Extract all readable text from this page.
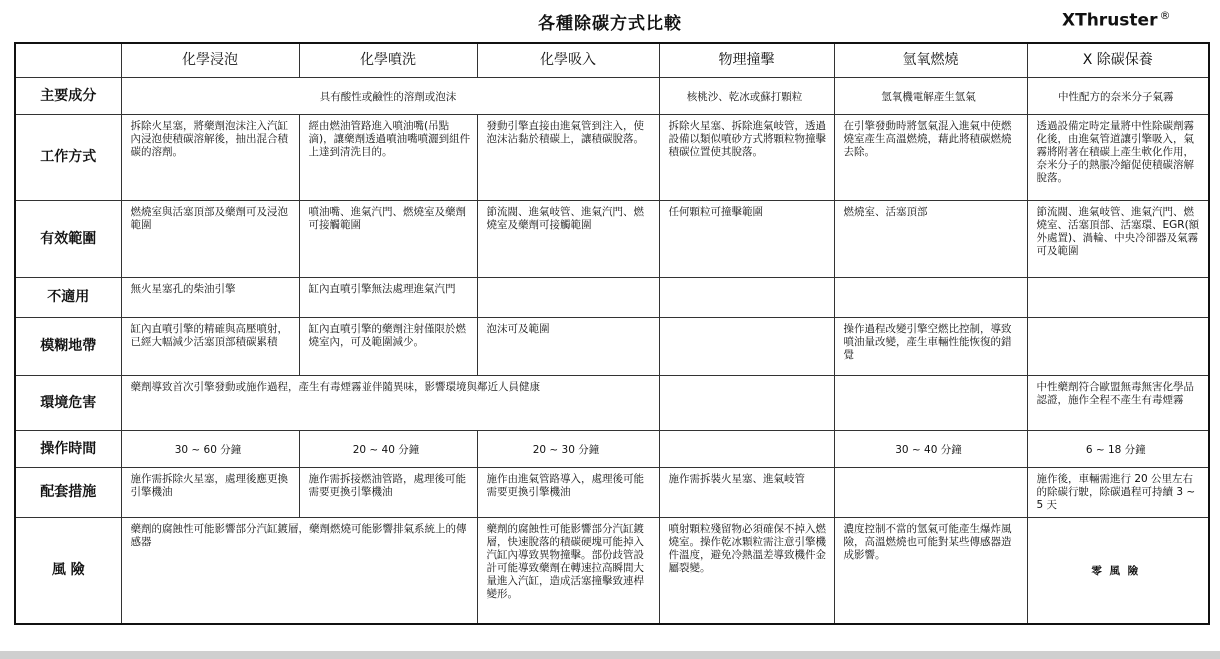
各種除碳方式比較	XThruster ®
	化學浸泡	化學噴洗	化學吸入	物理撞擊	氫氧燃燒	X 除碳保養
主要成分	具有酸性或鹼性的溶劑或泡沫			核桃沙、乾冰或蘇打顆粒	氫氧機電解產生氫氣	中性配方的奈米分子氣霧
工作方式	拆除火星塞，將藥劑泡沫注入汽缸內浸泡使積碳溶解後，抽出混合積碳的溶劑。	經由燃油管路進入噴油嘴(吊點滴)，讓藥劑透過噴油嘴噴灑到組件上達到清洗目的。	發動引擎直接由進氣管到注入，使泡沫沾黏於積碳上，讓積碳脫落。	拆除火星塞、拆除進氣岐管，透過設備以類似噴砂方式將顆粒物撞擊積碳位置使其脫落。	在引擎發動時將氫氣混入進氣中使燃燒室產生高溫燃燒，藉此將積碳燃燒去除。	透過設備定時定量將中性除碳劑霧化後，由進氣管道讓引擎吸入，氣霧將附著在積碳上產生軟化作用，奈米分子的熱脹冷縮促使積碳溶解脫落。
有效範圍	燃燒室與活塞頂部及藥劑可及浸泡範圍	噴油嘴、進氣汽門、燃燒室及藥劑可接觸範圍	節流閥、進氣岐管、進氣汽門、燃燒室及藥劑可接觸範圍	任何顆粒可撞擊範圍	燃燒室、活塞頂部	節流閥、進氣岐管、進氣汽門、燃燒室、活塞頂部、活塞環、EGR(額外處置)、渦輪、中央冷卻器及氣霧可及範圍
不適用	無火星塞孔的柴油引擎	缸內直噴引擎無法處理進氣汽門				
模糊地帶	缸內直噴引擎的精確與高壓噴射，已經大幅減少活塞頂部積碳累積	缸內直噴引擎的藥劑注射僅限於燃燒室內，可及範圍減少。	泡沫可及範圍		操作過程改變引擎空燃比控制，導致噴油量改變，產生車輛性能恢復的錯覺	
環境危害	藥劑導致首次引擎發動或施作過程，產生有毒煙霧並伴隨異味，影響環境與鄰近人員健康					中性藥劑符合歐盟無毒無害化學品認證，施作全程不產生有毒煙霧
操作時間	30 ~ 60 分鐘	20 ~ 40 分鐘	20 ~ 30 分鐘		30 ~ 40 分鐘	6 ~ 18 分鐘
配套措施	施作需拆除火星塞，處理後應更換引擎機油	施作需拆接燃油管路，處理後可能需要更換引擎機油	施作由進氣管路導入，處理後可能需要更換引擎機油	施作需拆裝火星塞、進氣岐管		施作後，車輛需進行 20 公里左右的除碳行駛，除碳過程可持續 3 ~ 5 天
風 險	藥劑的腐蝕性可能影響部分汽缸鍍層，藥劑燃燒可能影響排氣系統上的傳感器		藥劑的腐蝕性可能影響部分汽缸鍍層，快速脫落的積碳硬塊可能掉入汽缸內導致異物撞擊。部份歧管設計可能導致藥劑在轉速拉高瞬間大量進入汽缸，造成活塞撞擊致連桿變形。	噴射顆粒殘留物必須確保不掉入燃燒室。操作乾冰顆粒需注意引擎機件溫度，避免冷熱溫差導致機件金屬裂變。	濃度控制不當的氫氣可能產生爆炸風險，高溫燃燒也可能對某些傳感器造成影響。	零 風 險
